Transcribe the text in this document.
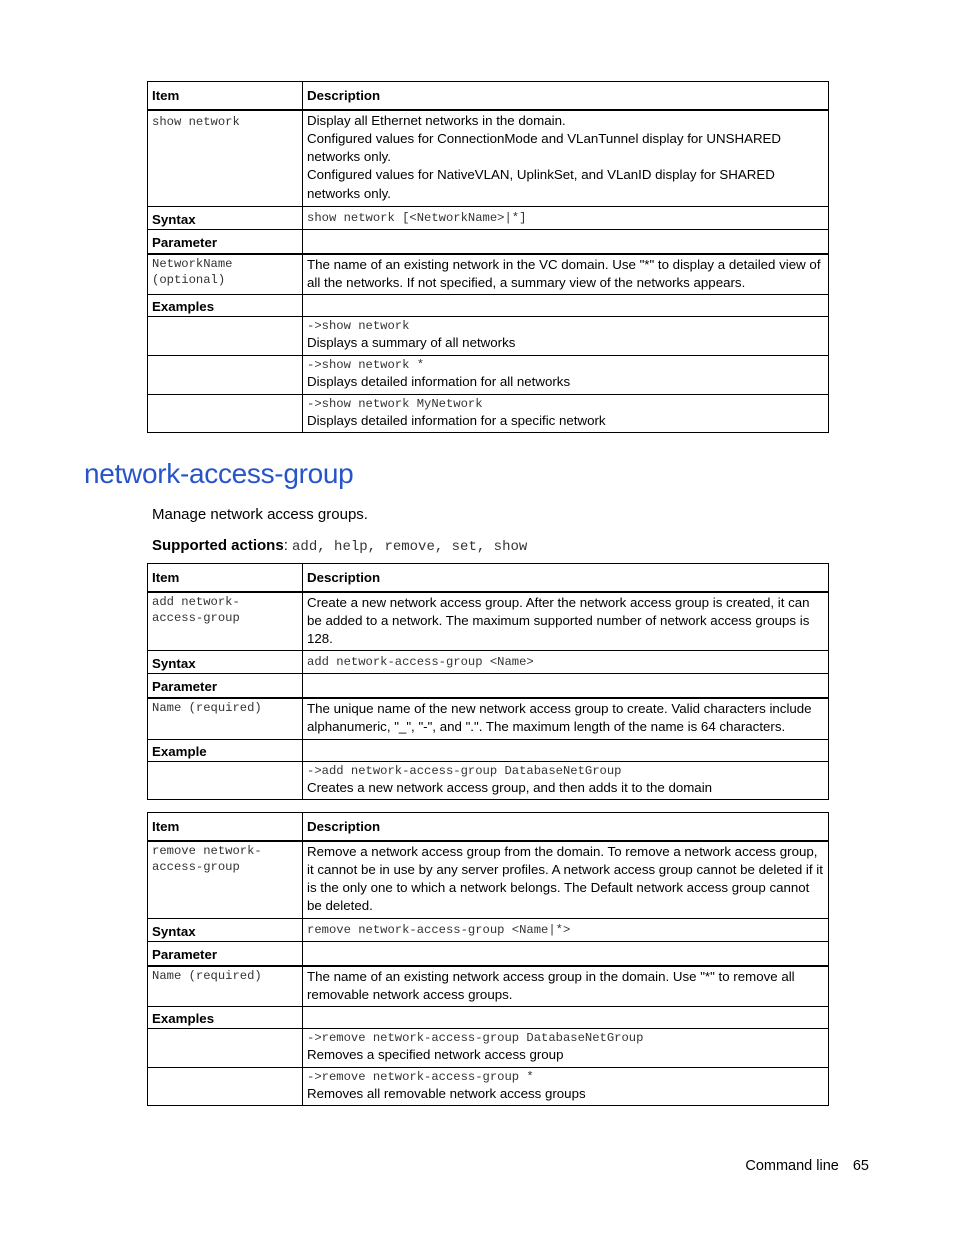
Item	Description
show network	Display all Ethernet networks in the domain.
Configured values for ConnectionMode and VLanTunnel display for UNSHARED networks only.
Configured values for NativeVLAN, UplinkSet, and VLanID display for SHARED networks only.

Syntax	show network [<NetworkName>|*]
Parameter	

NetworkName
(optional)	The name of an existing network in the VC domain. Use "*" to display a detailed view of all the networks. If not specified, a summary view of the networks appears.
Examples	

	->show network
Displays a summary of all networks

	->show network *
Displays detailed information for all networks

	->show network MyNetwork
Displays detailed information for a specific network
network-access-group
Manage network access groups.
Supported actions: add, help, remove, set, show
Item	Description

add network-
access-group	Create a new network access group. After the network access group is created, it can be added to a network. The maximum supported number of network access groups is 128.
Syntax	add network-access-group <Name>
Parameter	

Name (required)	The unique name of the new network access group to create. Valid characters include alphanumeric, "_", "-", and ".". The maximum length of the name is 64 characters.
Example	

	->add network-access-group DatabaseNetGroup
Creates a new network access group, and then adds it to the domain
Item	Description

remove network-
access-group	Remove a network access group from the domain. To remove a network access group, it cannot be in use by any server profiles. A network access group cannot be deleted if it is the only one to which a network belongs. The Default network access group cannot be deleted.
Syntax	remove network-access-group <Name|*>
Parameter	

Name (required)	The name of an existing network access group in the domain. Use "*" to remove all removable network access groups.
Examples	

	->remove network-access-group DatabaseNetGroup
Removes a specified network access group

	->remove network-access-group *
Removes all removable network access groups
Command line 65
